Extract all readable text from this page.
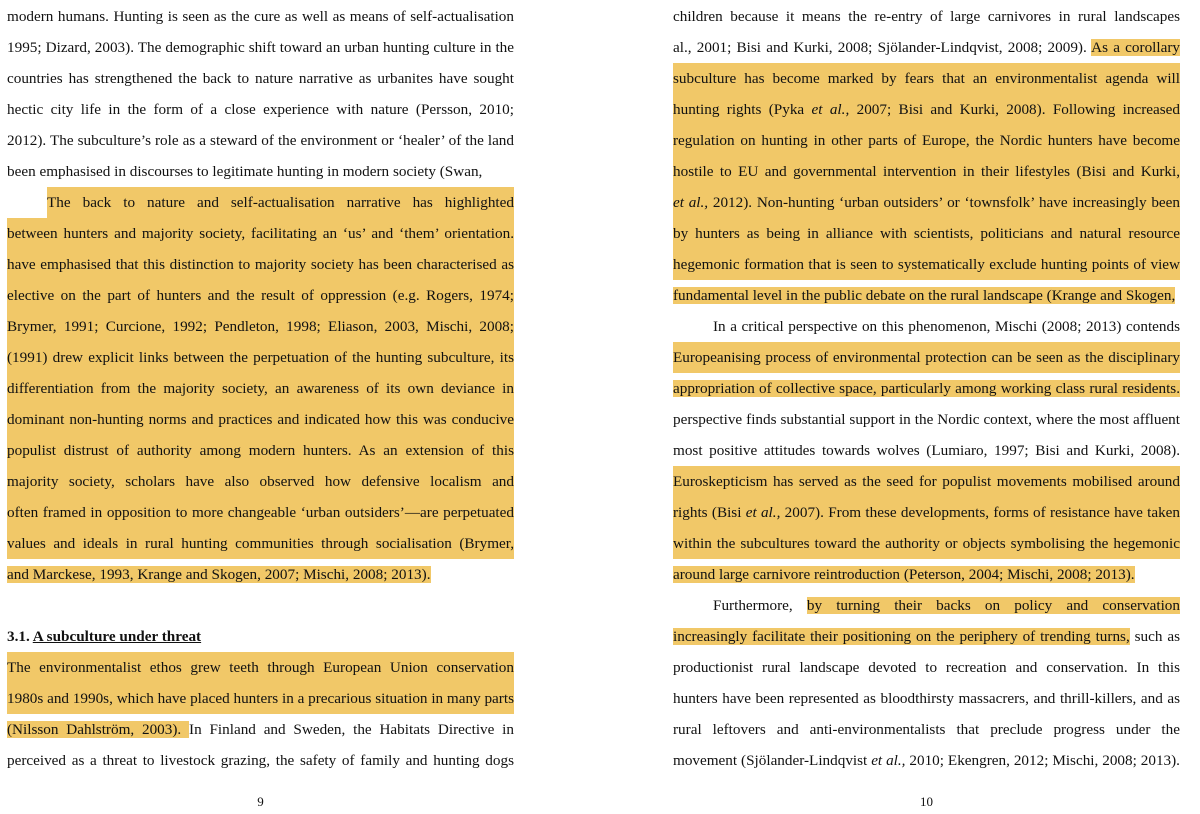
modern humans. Hunting is seen as the cure as well as means of self-actualisation
1995; Dizard, 2003). The demographic shift toward an urban hunting culture in the
countries has strengthened the back to nature narrative as urbanites have sought
hectic city life in the form of a close experience with nature (Persson, 2010;
2012). The subculture’s role as a steward of the environment or ‘healer’ of the land
been emphasised in discourses to legitimate hunting in modern society (Swan,
The back to nature and self-actualisation narrative has highlighted
between hunters and majority society, facilitating an ‘us’ and ‘them’ orientation.
have emphasised that this distinction to majority society has been characterised as
elective on the part of hunters and the result of oppression (e.g. Rogers, 1974;
Brymer, 1991; Curcione, 1992; Pendleton, 1998; Eliason, 2003, Mischi, 2008;
(1991) drew explicit links between the perpetuation of the hunting subculture, its
differentiation from the majority society, an awareness of its own deviance in
dominant non-hunting norms and practices and indicated how this was conducive
populist distrust of authority among modern hunters. As an extension of this
majority society, scholars have also observed how defensive localism and
often framed in opposition to more changeable ‘urban outsiders’—are perpetuated
values and ideals in rural hunting communities through socialisation (Brymer,
and Marckese, 1993, Krange and Skogen, 2007; Mischi, 2008; 2013).
3.1. A subculture under threat
The environmentalist ethos grew teeth through European Union conservation
1980s and 1990s, which have placed hunters in a precarious situation in many parts
(Nilsson Dahlström, 2003). In Finland and Sweden, the Habitats Directive in
perceived as a threat to livestock grazing, the safety of family and hunting dogs
9
children because it means the re-entry of large carnivores in rural landscapes
al., 2001; Bisi and Kurki, 2008; Sjölander-Lindqvist, 2008; 2009). As a corollary
subculture has become marked by fears that an environmentalist agenda will
hunting rights (Pyka et al., 2007; Bisi and Kurki, 2008). Following increased
regulation on hunting in other parts of Europe, the Nordic hunters have become
hostile to EU and governmental intervention in their lifestyles (Bisi and Kurki,
et al., 2012). Non-hunting ‘urban outsiders’ or ‘townsfolk’ have increasingly been
by hunters as being in alliance with scientists, politicians and natural resource
hegemonic formation that is seen to systematically exclude hunting points of view
fundamental level in the public debate on the rural landscape (Krange and Skogen,
In a critical perspective on this phenomenon, Mischi (2008; 2013) contends
Europeanising process of environmental protection can be seen as the disciplinary
appropriation of collective space, particularly among working class rural residents.
perspective finds substantial support in the Nordic context, where the most affluent
most positive attitudes towards wolves (Lumiaro, 1997; Bisi and Kurki, 2008).
Euroskepticism has served as the seed for populist movements mobilised around
rights (Bisi et al., 2007). From these developments, forms of resistance have taken
within the subcultures toward the authority or objects symbolising the hegemonic
around large carnivore reintroduction (Peterson, 2004; Mischi, 2008; 2013).
Furthermore, by turning their backs on policy and conservation
increasingly facilitate their positioning on the periphery of trending turns, such as
productionist rural landscape devoted to recreation and conservation. In this
hunters have been represented as bloodthirsty massacrers, and thrill-killers, and as
rural leftovers and anti-environmentalists that preclude progress under the
movement (Sjölander-Lindqvist et al., 2010; Ekengren, 2012; Mischi, 2008; 2013).
10
